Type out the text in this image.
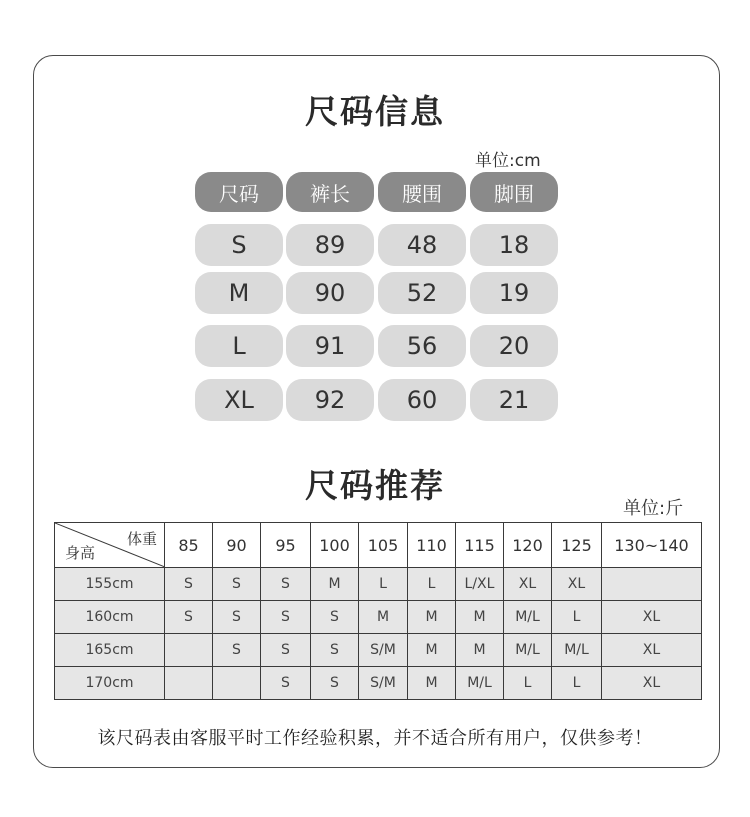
尺码信息
单位:cm
尺码	裤长	腰围	脚围
S	89	48	18
M	90	52	19
L	91	56	20
XL	92	60	21
尺码推荐
单位:斤
体重
身高	85	90	95	100	105	110	115	120	125	130~140
155cm	S	S	S	M	L	L	L/XL	XL	XL	
160cm	S	S	S	S	M	M	M	M/L	L	XL
165cm		S	S	S	S/M	M	M	M/L	M/L	XL
170cm			S	S	S/M	M	M/L	L	L	XL
该尺码表由客服平时工作经验积累，并不适合所有用户，仅供参考！
